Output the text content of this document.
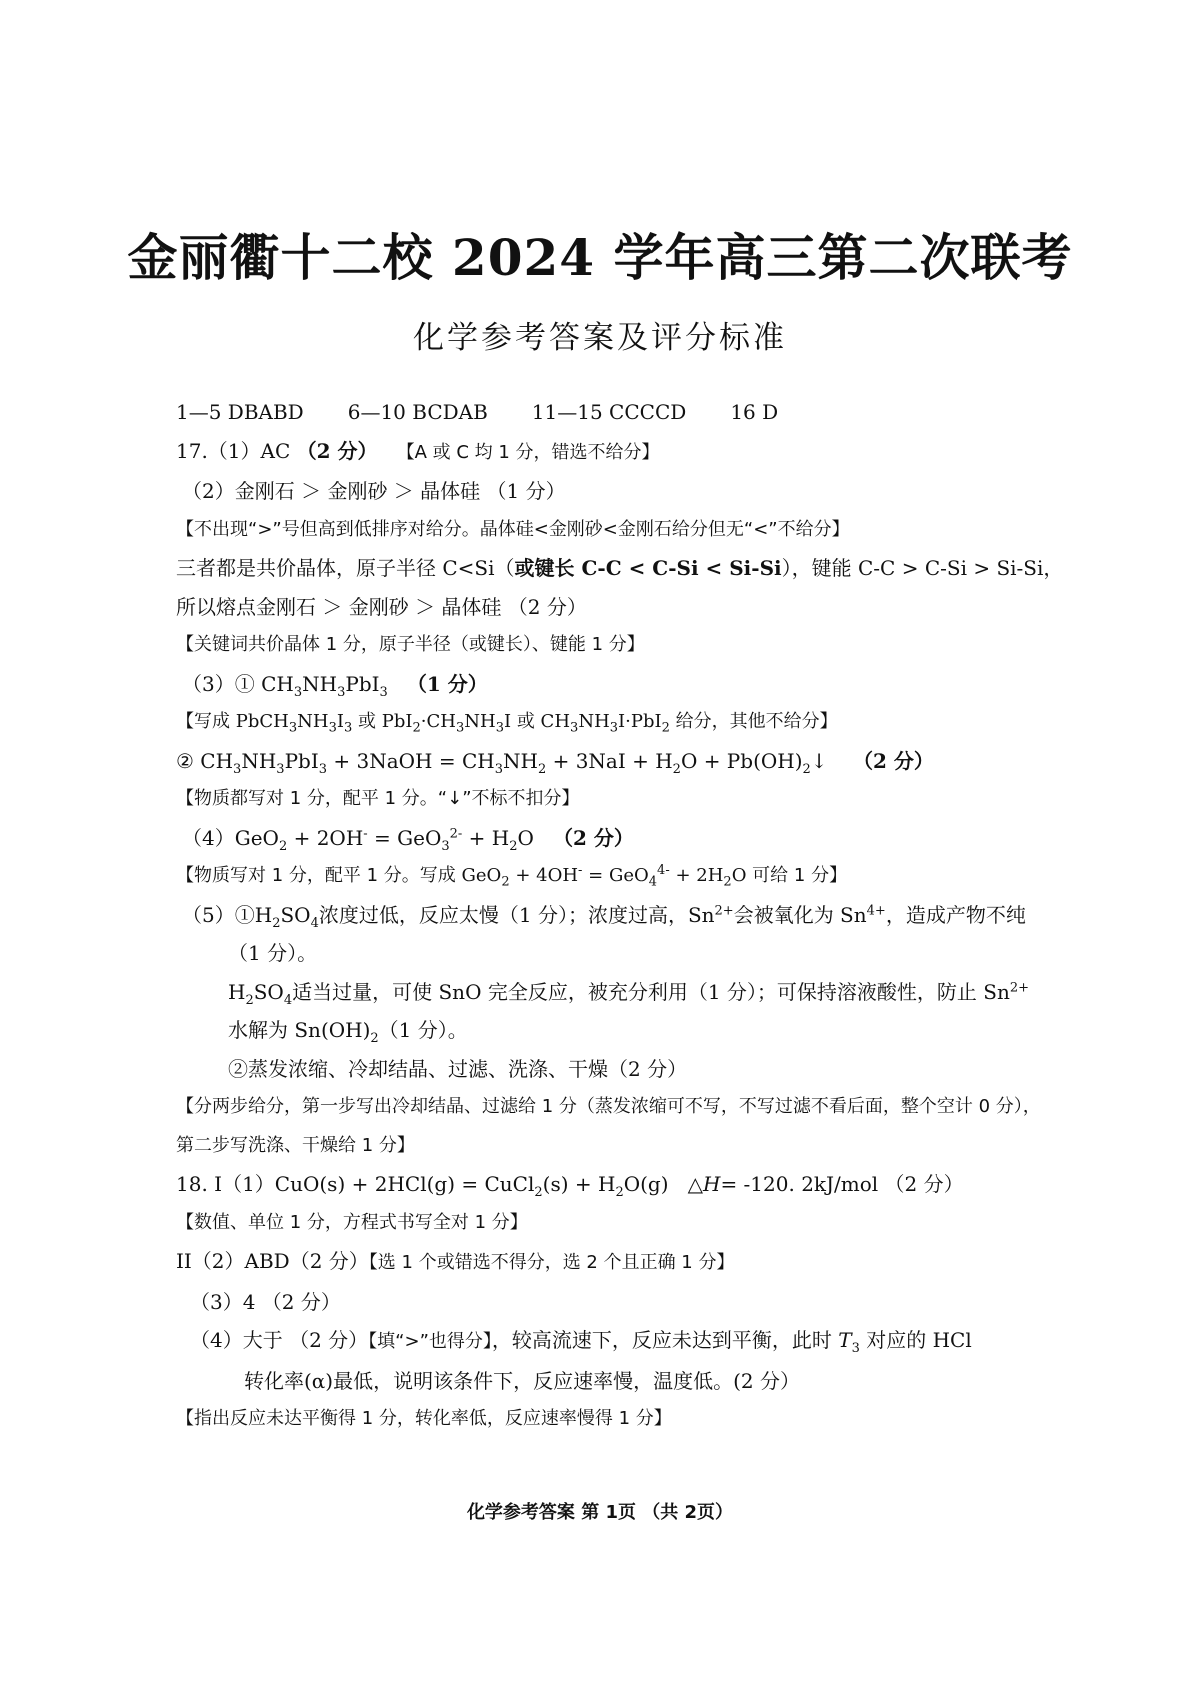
金丽衢十二校 2024 学年高三第二次联考
化学参考答案及评分标准
1—5 DBABD 6—10 BCDAB 11—15 CCCCD 16 D
17.（1）AC （2 分） 【A 或 C 均 1 分，错选不给分】
（2）金刚石 ＞ 金刚砂 ＞ 晶体硅 （1 分）
【不出现“>”号但高到低排序对给分。晶体硅<金刚砂<金刚石给分但无“<”不给分】
三者都是共价晶体，原子半径 C<Si（或键长 C-C < C-Si < Si-Si），键能 C-C > C-Si > Si-Si，
所以熔点金刚石 ＞ 金刚砂 ＞ 晶体硅 （2 分）
【关键词共价晶体 1 分，原子半径（或键长）、键能 1 分】
（3）① $CH_3NH_3PbI_3$ （1 分）
【写成 $PbCH_3NH_3I_3$ 或 $PbI_2\cdot CH_3NH_3I$ 或 $CH_3NH_3I\cdot PbI_2$ 给分，其他不给分】
② $CH_3NH_3PbI_3$ + 3NaOH = $CH_3NH_2 + 3NaI + H_2O$ + $Pb(OH)_2↓$    （2 分）
【物质都写对 1 分，配平 1 分。“↓”不标不扣分】
$(4)GeO_2 + 2OH^- = GeO_3^{2-} + H_2O$   （2 分）
【物质写对 1 分，配平 1 分。写成 $GeO_2 + 4OH^- = GeO_4^{4-} + 2H_2O$ 可给 1 分】
$(5)①H_2SO_4$浓度过低，反应太慢（1 分）；浓度过高，$Sn^{2+}$会被氧化为 $Sn^{4+}$，造成产物不纯
（1 分）。
$H_2SO_4$适当过量，可使 SnO 完全反应，被充分利用（1 分）；可保持溶液酸性，防止 $Sn^{2+}$
水解为 $Sn(OH)_2(1$ 分）。
②蒸发浓缩、冷却结晶、过滤、洗涤、干燥（2 分）
【分两步给分，第一步写出冷却结晶、过滤给 1 分（蒸发浓缩可不写，不写过滤不看后面，整个空计 0 分），第二步写洗涤、干燥给 1 分】
18. I（1）CuO(s) + 2HCl(g) = CuCl$_2$(s) + $H_2O(g)$   △H= -120. 2kJ/mol （2 分）
【数值、单位 1 分，方程式书写全对 1 分】
II（2）ABD（2 分）【选 1 个或错选不得分，选 2 个且正确 1 分】
（3）4 （2 分）
（4）大于 （2 分）【填“>”也得分】，较高流速下，反应未达到平衡，此时 $T_3$ 对应的 HCl
转化率(α)最低，说明该条件下，反应速率慢，温度低。(2 分）
【指出反应未达平衡得 1 分，转化率低，反应速率慢得 1 分】
化学参考答案 第 1页 （共 2页）
